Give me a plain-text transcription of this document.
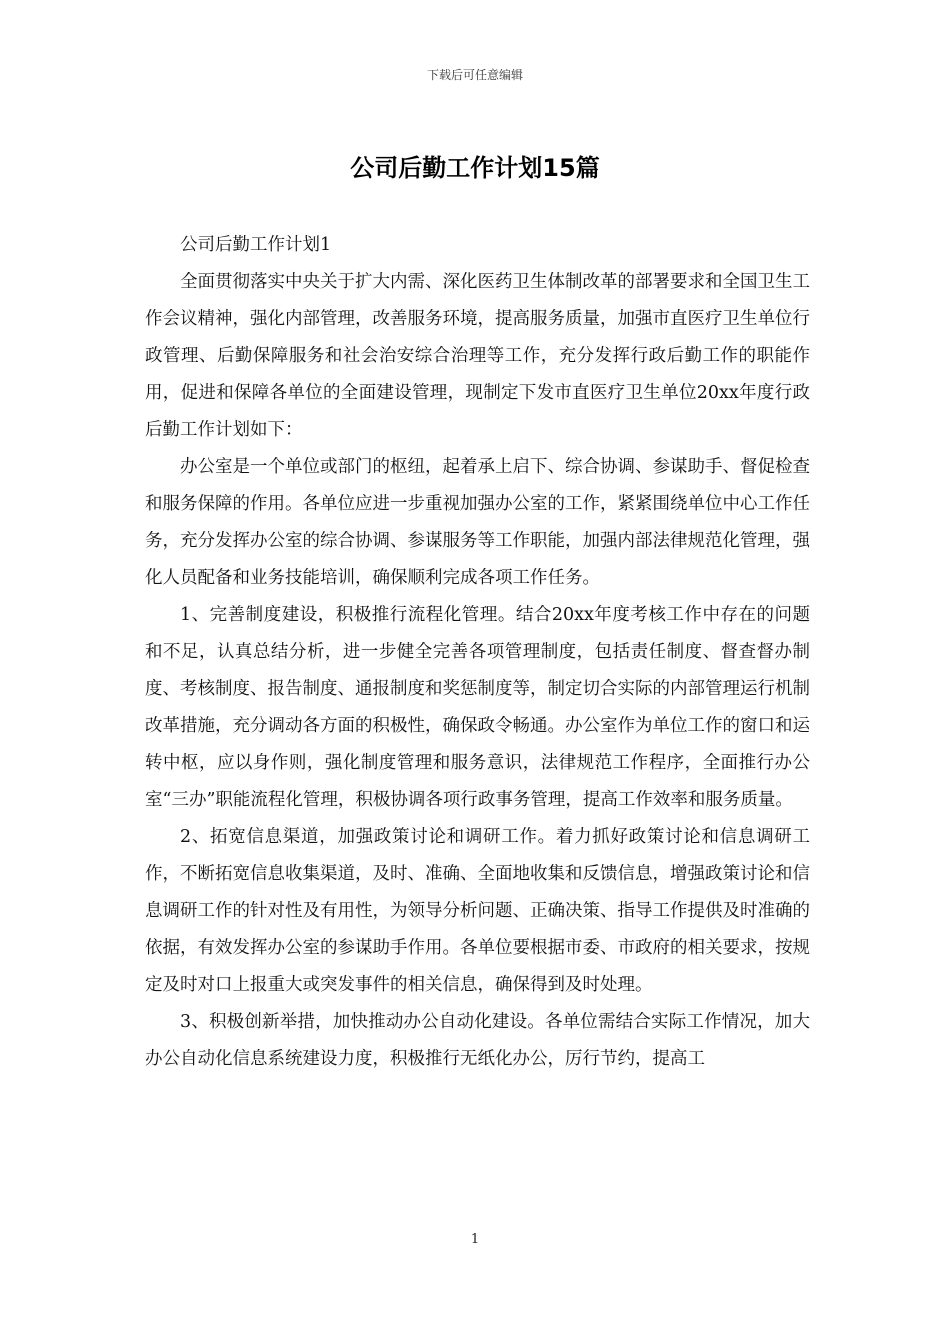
下载后可任意编辑
公司后勤工作计划15篇

公司后勤工作计划1

全面贯彻落实中央关于扩大内需、深化医药卫生体制改革的部署要求和全国卫生工作会议精神，强化内部管理，改善服务环境，提高服务质量，加强市直医疗卫生单位行政管理、后勤保障服务和社会治安综合治理等工作，充分发挥行政后勤工作的职能作用，促进和保障各单位的全面建设管理，现制定下发市直医疗卫生单位20xx年度行政后勤工作计划如下：

办公室是一个单位或部门的枢纽，起着承上启下、综合协调、参谋助手、督促检查和服务保障的作用。各单位应进一步重视加强办公室的工作，紧紧围绕单位中心工作任务，充分发挥办公室的综合协调、参谋服务等工作职能，加强内部法律规范化管理，强化人员配备和业务技能培训，确保顺利完成各项工作任务。

1、完善制度建设，积极推行流程化管理。结合20xx年度考核工作中存在的问题和不足，认真总结分析，进一步健全完善各项管理制度，包括责任制度、督查督办制度、考核制度、报告制度、通报制度和奖惩制度等，制定切合实际的内部管理运行机制改革措施，充分调动各方面的积极性，确保政令畅通。办公室作为单位工作的窗口和运转中枢，应以身作则，强化制度管理和服务意识，法律规范工作程序，全面推行办公室“三办”职能流程化管理，积极协调各项行政事务管理，提高工作效率和服务质量。

2、拓宽信息渠道，加强政策讨论和调研工作。着力抓好政策讨论和信息调研工作，不断拓宽信息收集渠道，及时、准确、全面地收集和反馈信息，增强政策讨论和信息调研工作的针对性及有用性，为领导分析问题、正确决策、指导工作提供及时准确的依据，有效发挥办公室的参谋助手作用。各单位要根据市委、市政府的相关要求，按规定及时对口上报重大或突发事件的相关信息，确保得到及时处理。

3、积极创新举措，加快推动办公自动化建设。各单位需结合实际工作情况，加大办公自动化信息系统建设力度，积极推行无纸化办公，厉行节约，提高工

1
